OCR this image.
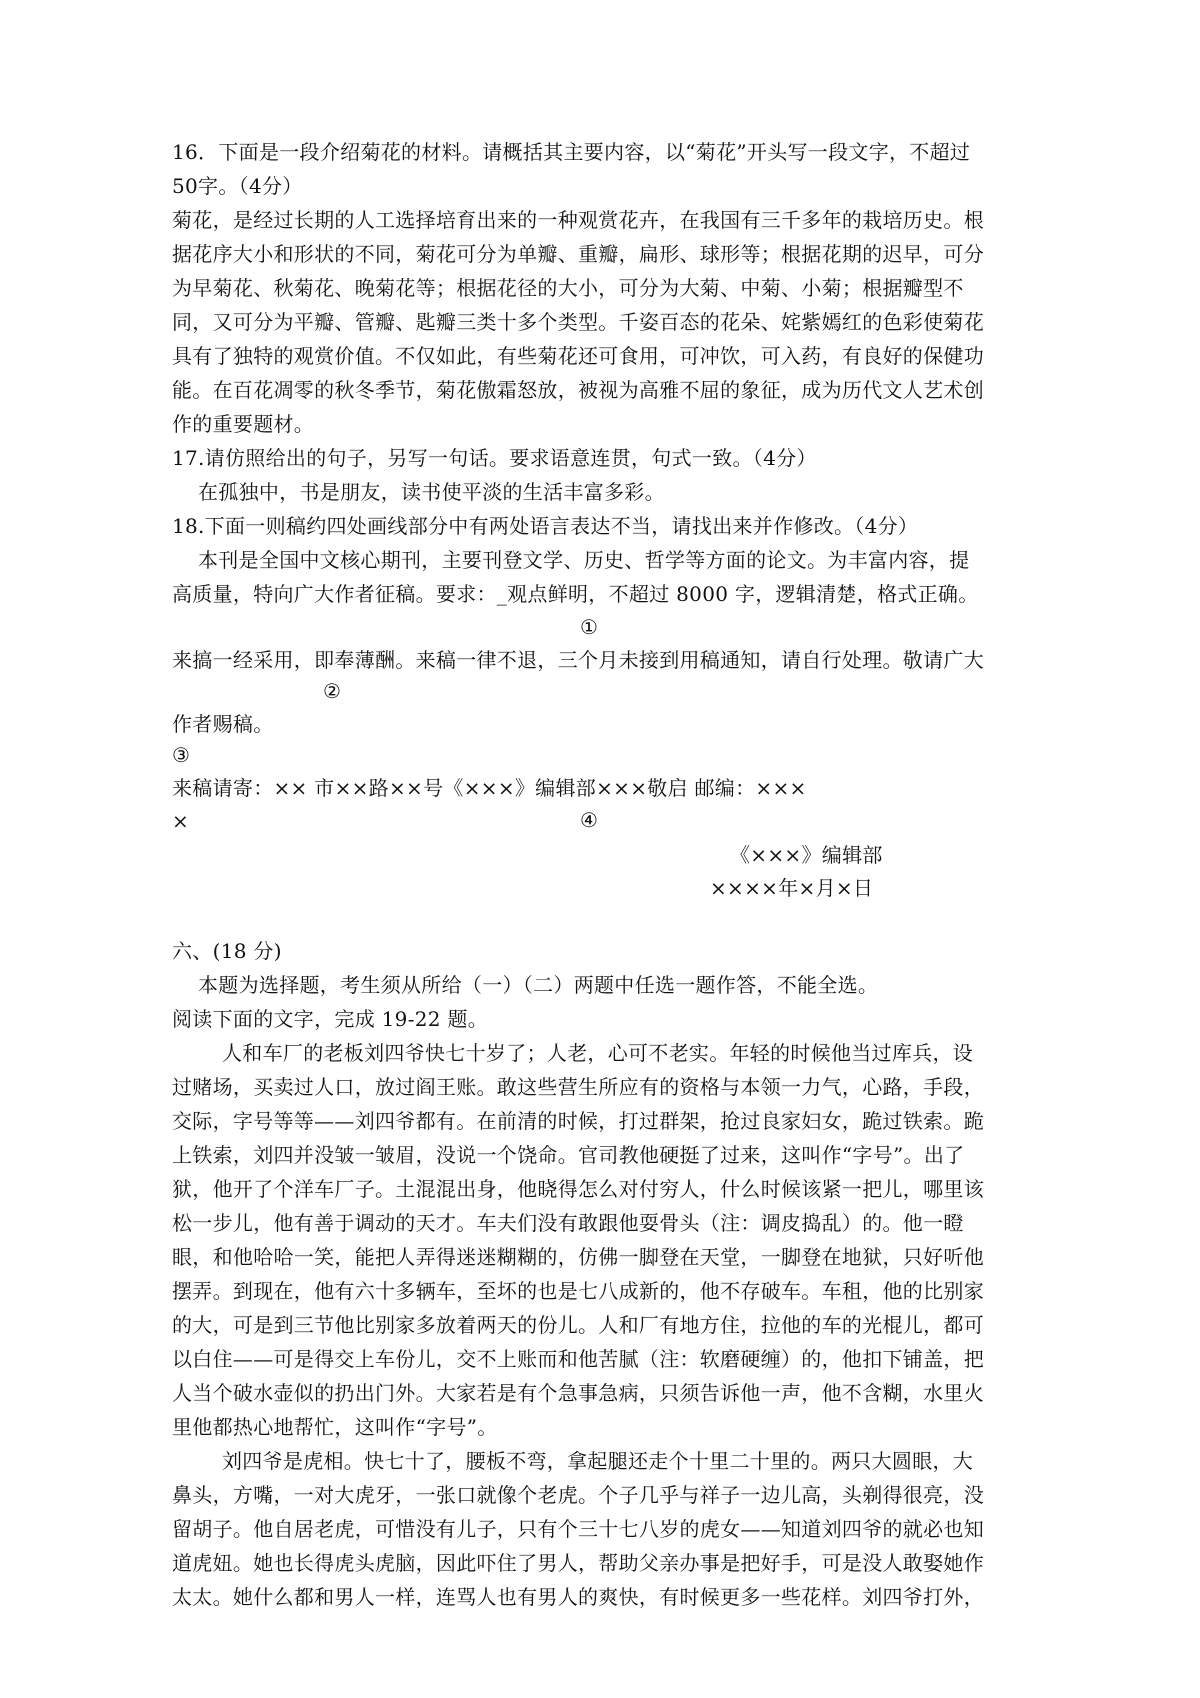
16．下面是一段介绍菊花的材料。请概括其主要内容，以“菊花”开头写一段文字，不超过
50字。（4分）
菊花，是经过长期的人工选择培育出来的一种观赏花卉，在我国有三千多年的栽培历史。根
据花序大小和形状的不同，菊花可分为单瓣、重瓣，扁形、球形等；根据花期的迟早，可分
为早菊花、秋菊花、晚菊花等；根据花径的大小，可分为大菊、中菊、小菊；根据瓣型不
同，又可分为平瓣、管瓣、匙瓣三类十多个类型。千姿百态的花朵、姹紫嫣红的色彩使菊花
具有了独特的观赏价值。不仅如此，有些菊花还可食用，可冲饮，可入药，有良好的保健功
能。在百花凋零的秋冬季节，菊花傲霜怒放，被视为高雅不屈的象征，成为历代文人艺术创
作的重要题材。
17.请仿照给出的句子，另写一句话。要求语意连贯，句式一致。（4分）
在孤独中，书是朋友，读书使平淡的生活丰富多彩。
18.下面一则稿约四处画线部分中有两处语言表达不当，请找出来并作修改。（4分）
本刊是全国中文核心期刊，主要刊登文学、历史、哲学等方面的论文。为丰富内容，提
高质量，特向广大作者征稿。要求：_观点鲜明，不超过 8000 字，逻辑清楚，格式正确。
①
来搞一经采用，即奉薄酬。来稿一律不退，三个月未接到用稿通知，请自行处理。敬请广大
②
作者赐稿。
③
来稿请寄：×× 市××路××号《×××》编辑部×××敬启 邮编：×××
×	④
《×××》编辑部
××××年×月×日
六、(18 分)
本题为选择题，考生须从所给（一）（二）两题中任选一题作答，不能全选。
阅读下面的文字，完成 19-22 题。
人和车厂的老板刘四爷快七十岁了；人老，心可不老实。年轻的时候他当过库兵，设
过赌场，买卖过人口，放过阎王账。敢这些营生所应有的资格与本领一力气，心路，手段，
交际，字号等等——刘四爷都有。在前清的时候，打过群架，抢过良家妇女，跪过铁索。跪
上铁索，刘四并没皱一皱眉，没说一个饶命。官司教他硬挺了过来，这叫作“字号”。出了
狱，他开了个洋车厂子。土混混出身，他晓得怎么对付穷人，什么时候该紧一把儿，哪里该
松一步儿，他有善于调动的天才。车夫们没有敢跟他耍骨头（注：调皮捣乱）的。他一瞪
眼，和他哈哈一笑，能把人弄得迷迷糊糊的，仿佛一脚登在天堂，一脚登在地狱，只好听他
摆弄。到现在，他有六十多辆车，至坏的也是七八成新的，他不存破车。车租，他的比别家
的大，可是到三节他比别家多放着两天的份儿。人和厂有地方住，拉他的车的光棍儿，都可
以白住——可是得交上车份儿，交不上账而和他苦腻（注：软磨硬缠）的，他扣下铺盖，把
人当个破水壶似的扔出门外。大家若是有个急事急病，只须告诉他一声，他不含糊，水里火
里他都热心地帮忙，这叫作“字号”。
刘四爷是虎相。快七十了，腰板不弯，拿起腿还走个十里二十里的。两只大圆眼，大
鼻头，方嘴，一对大虎牙，一张口就像个老虎。个子几乎与祥子一边儿高，头剃得很亮，没
留胡子。他自居老虎，可惜没有儿子，只有个三十七八岁的虎女——知道刘四爷的就必也知
道虎妞。她也长得虎头虎脑，因此吓住了男人，帮助父亲办事是把好手，可是没人敢娶她作
太太。她什么都和男人一样，连骂人也有男人的爽快，有时候更多一些花样。刘四爷打外，
